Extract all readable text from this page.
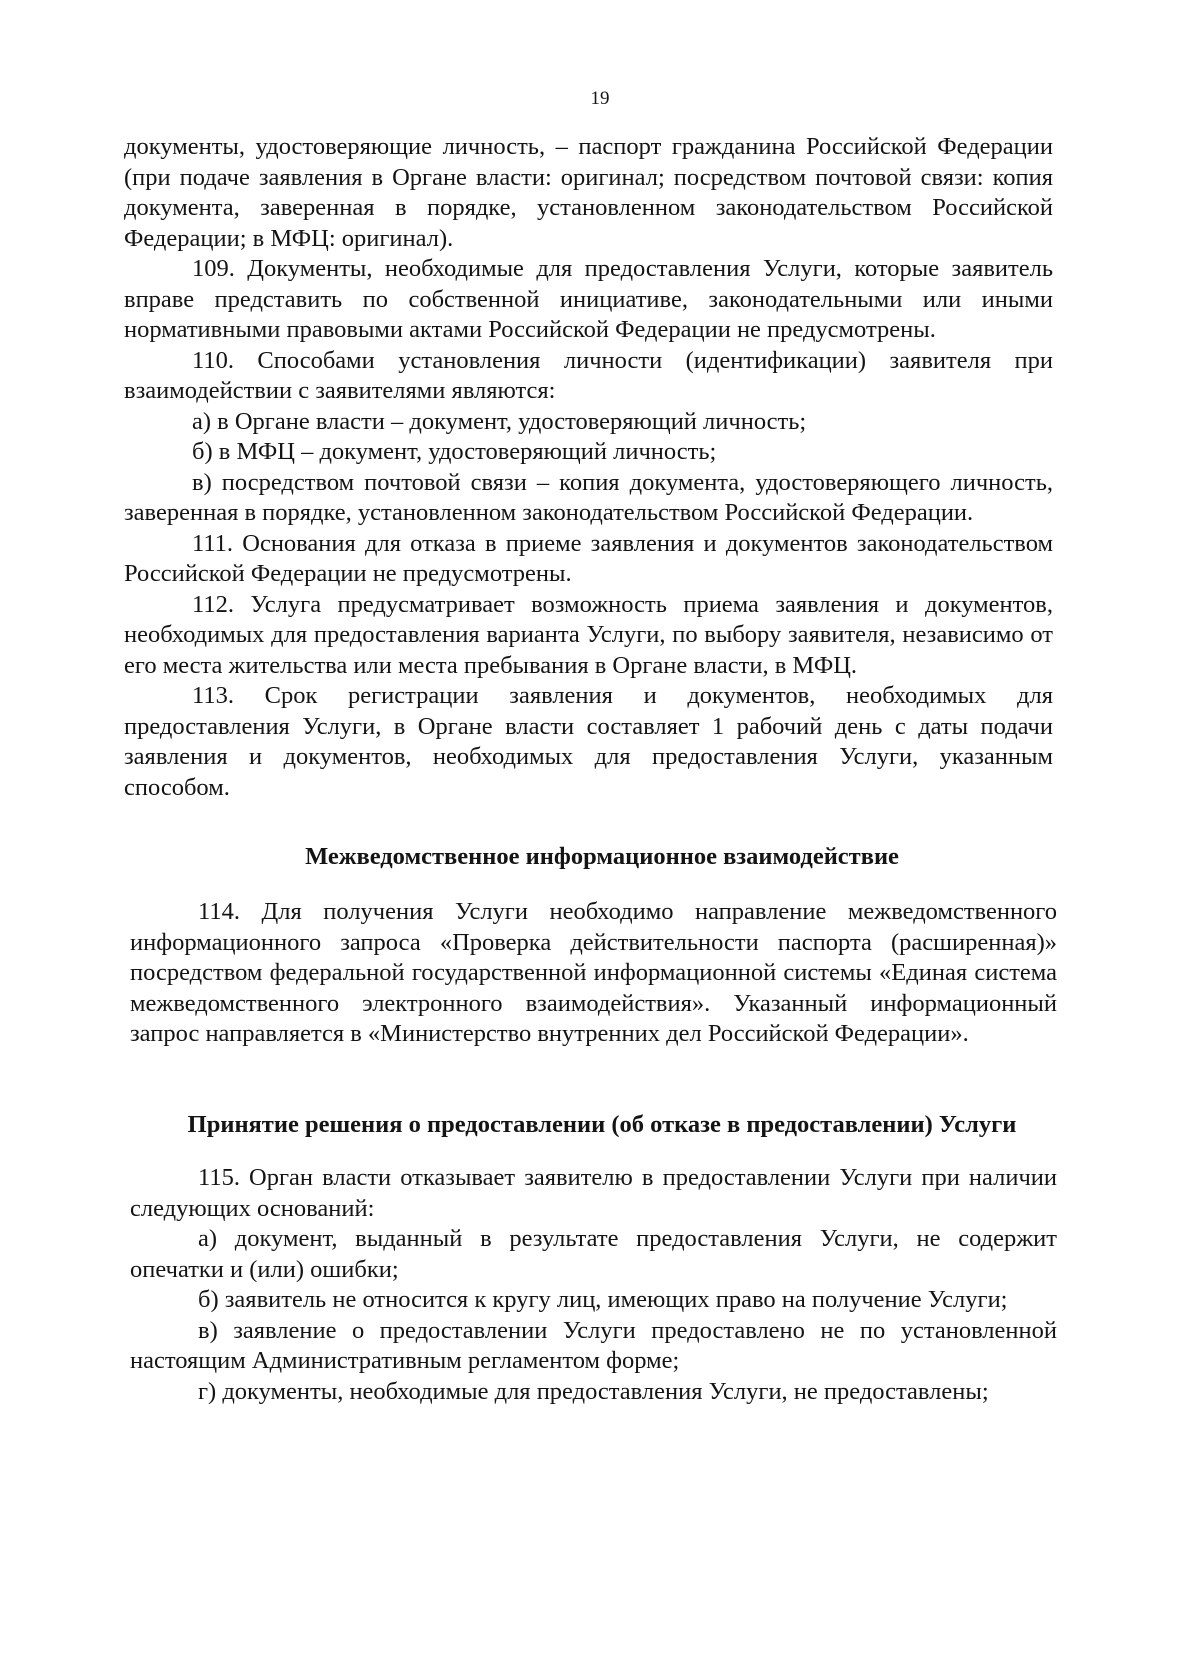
19

документы, удостоверяющие личность, – паспорт гражданина Российской Федерации (при подаче заявления в Органе власти: оригинал; посредством почтовой связи: копия документа, заверенная в порядке, установленном законодательством Российской Федерации; в МФЦ: оригинал).

109. Документы, необходимые для предоставления Услуги, которые заявитель вправе представить по собственной инициативе, законодательными или иными нормативными правовыми актами Российской Федерации не предусмотрены.

110. Способами установления личности (идентификации) заявителя при взаимодействии с заявителями являются:

а) в Органе власти – документ, удостоверяющий личность;

б) в МФЦ – документ, удостоверяющий личность;

в) посредством почтовой связи – копия документа, удостоверяющего личность, заверенная в порядке, установленном законодательством Российской Федерации.

111. Основания для отказа в приеме заявления и документов законодательством Российской Федерации не предусмотрены.

112. Услуга предусматривает возможность приема заявления и документов, необходимых для предоставления варианта Услуги, по выбору заявителя, независимо от его места жительства или места пребывания в Органе власти, в МФЦ.

113. Срок регистрации заявления и документов, необходимых для предоставления Услуги, в Органе власти составляет 1 рабочий день с даты подачи заявления и документов, необходимых для предоставления Услуги, указанным способом.

Межведомственное информационное взаимодействие

114. Для получения Услуги необходимо направление межведомственного информационного запроса «Проверка действительности паспорта (расширенная)» посредством федеральной государственной информационной системы «Единая система межведомственного электронного взаимодействия». Указанный информационный запрос направляется в «Министерство внутренних дел Российской Федерации».

Принятие решения о предоставлении (об отказе в предоставлении) Услуги

115. Орган власти отказывает заявителю в предоставлении Услуги при наличии следующих оснований:

а) документ, выданный в результате предоставления Услуги, не содержит опечатки и (или) ошибки;

б) заявитель не относится к кругу лиц, имеющих право на получение Услуги;

в) заявление о предоставлении Услуги предоставлено не по установленной настоящим Административным регламентом форме;

г) документы, необходимые для предоставления Услуги, не предоставлены;
